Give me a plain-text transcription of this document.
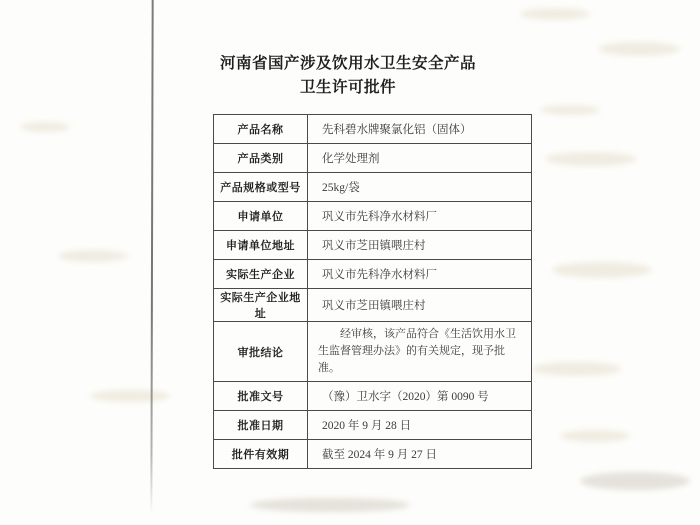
河南省国产涉及饮用水卫生安全产品
卫生许可批件
产品名称	先科碧水牌聚氯化铝（固体）
产品类别	化学处理剂
产品规格或型号	25kg/袋
申请单位	巩义市先科净水材料厂
申请单位地址	巩义市芝田镇喂庄村
实际生产企业	巩义市先科净水材料厂
实际生产企业地址	巩义市芝田镇喂庄村
审批结论	经审核，该产品符合《生活饮用水卫生监督管理办法》的有关规定，现予批准。
批准文号	（豫）卫水字（2020）第 0090 号
批准日期	2020 年 9 月 28 日
批件有效期	截至 2024 年 9 月 27 日
